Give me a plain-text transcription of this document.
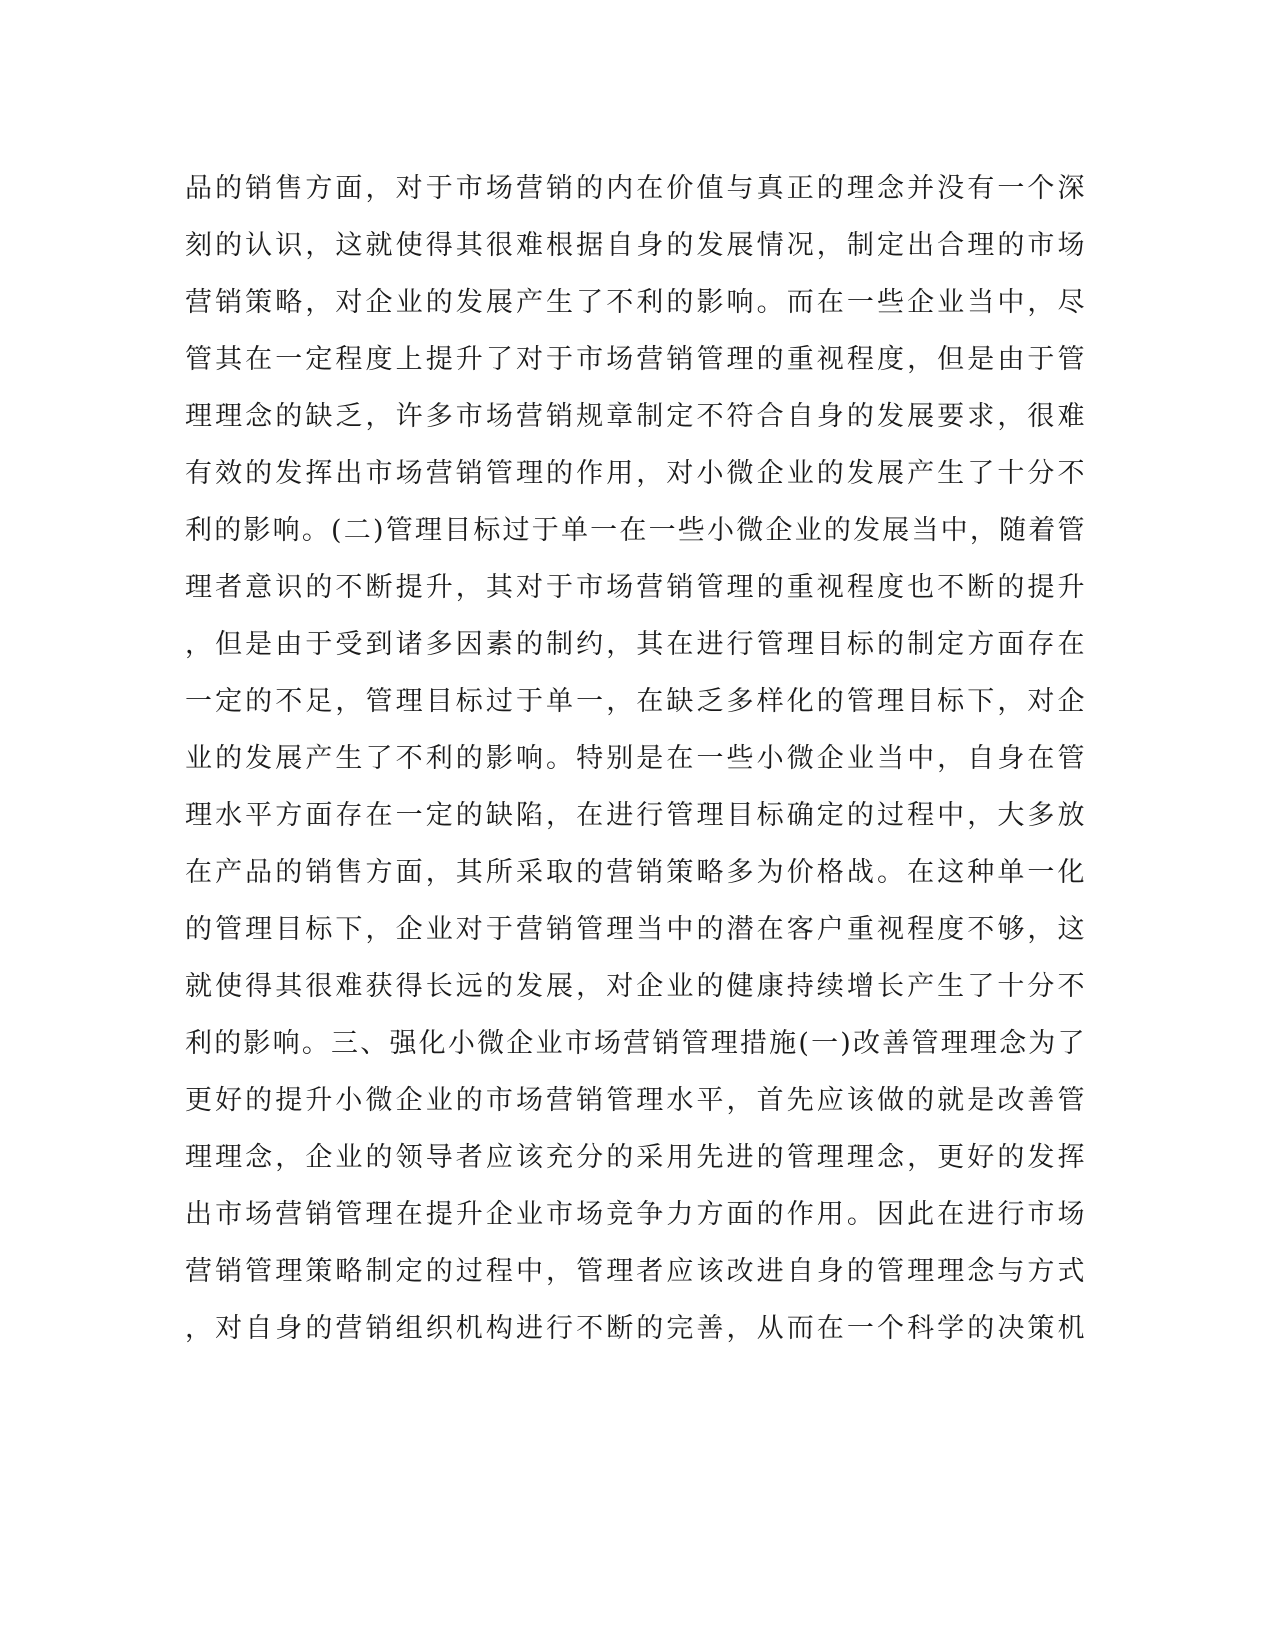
品的销售方面，对于市场营销的内在价值与真正的理念并没有一个深
刻的认识，这就使得其很难根据自身的发展情况，制定出合理的市场
营销策略，对企业的发展产生了不利的影响。而在一些企业当中，尽
管其在一定程度上提升了对于市场营销管理的重视程度，但是由于管
理理念的缺乏，许多市场营销规章制定不符合自身的发展要求，很难
有效的发挥出市场营销管理的作用，对小微企业的发展产生了十分不
利的影响。(二)管理目标过于单一在一些小微企业的发展当中，随着管
理者意识的不断提升，其对于市场营销管理的重视程度也不断的提升
，但是由于受到诸多因素的制约，其在进行管理目标的制定方面存在
一定的不足，管理目标过于单一，在缺乏多样化的管理目标下，对企
业的发展产生了不利的影响。特别是在一些小微企业当中，自身在管
理水平方面存在一定的缺陷，在进行管理目标确定的过程中，大多放
在产品的销售方面，其所采取的营销策略多为价格战。在这种单一化
的管理目标下，企业对于营销管理当中的潜在客户重视程度不够，这
就使得其很难获得长远的发展，对企业的健康持续增长产生了十分不
利的影响。三、强化小微企业市场营销管理措施(一)改善管理理念为了
更好的提升小微企业的市场营销管理水平，首先应该做的就是改善管
理理念，企业的领导者应该充分的采用先进的管理理念，更好的发挥
出市场营销管理在提升企业市场竞争力方面的作用。因此在进行市场
营销管理策略制定的过程中，管理者应该改进自身的管理理念与方式
，对自身的营销组织机构进行不断的完善，从而在一个科学的决策机
